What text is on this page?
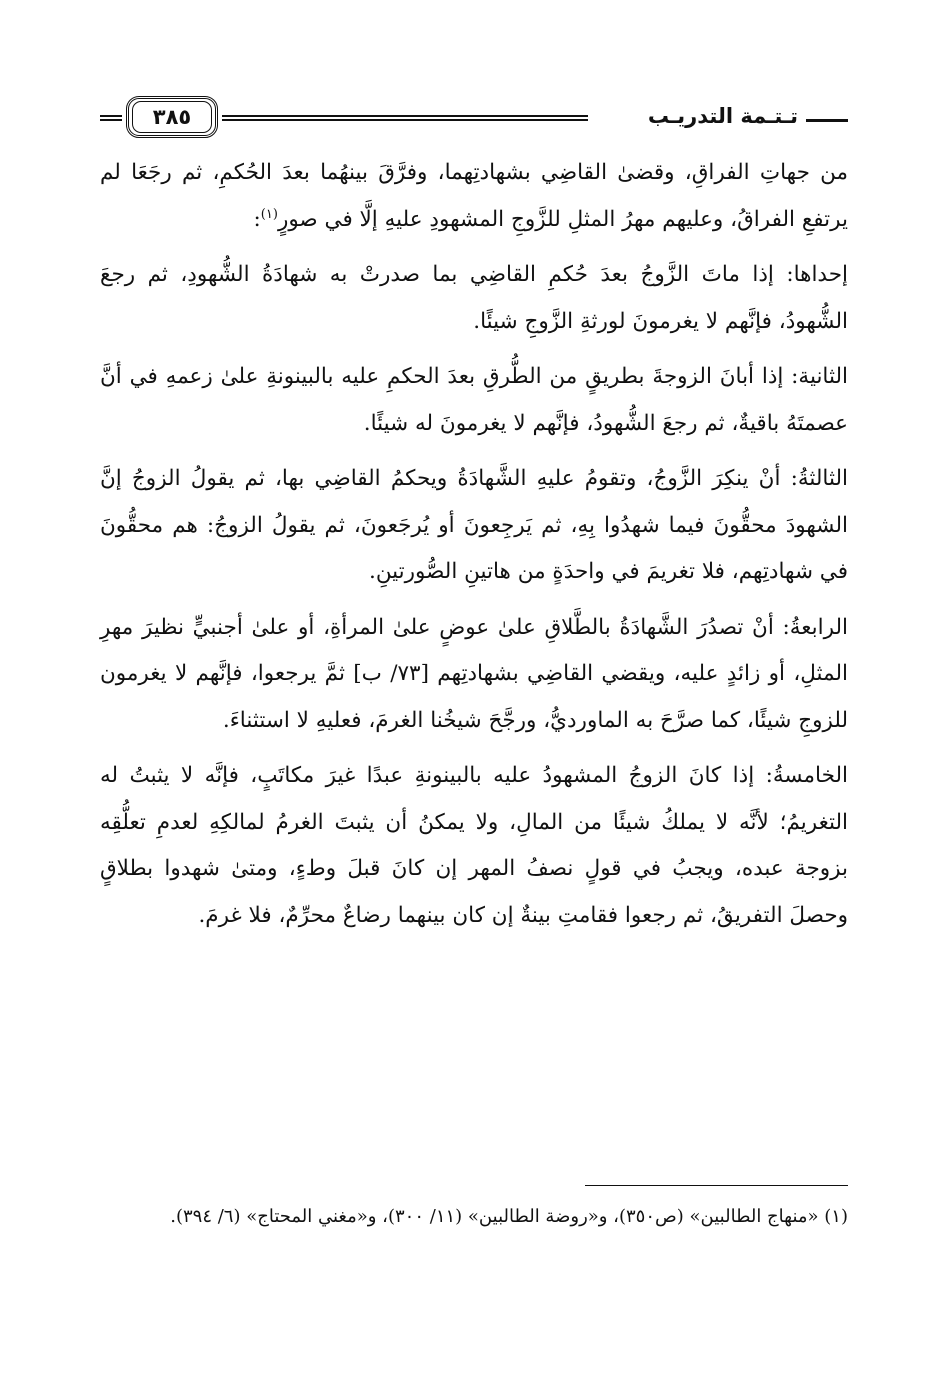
تـتـمة التدريـب
٣٨٥

من جهاتِ الفراقِ، وقضىٰ القاضِي بشهادتِهما، وفرَّقَ بينهُما بعدَ الحُكمِ، ثم رجَعَا لم يرتفعِ الفراقُ، وعليهم مهرُ المثلِ للزَّوجِ المشهودِ عليهِ إلَّا في صورٍ$^{(١)}$:

إحداها: إذا ماتَ الزَّوجُ بعدَ حُكمِ القاضِي بما صدرتْ به شهادَةُ الشُّهودِ، ثم رجعَ الشُّهودُ، فإنَّهم لا يغرمونَ لورثةِ الزَّوجِ شيئًا.

الثانية: إذا أبانَ الزوجةَ بطريقٍ من الطُّرقِ بعدَ الحكمِ عليه بالبينونةِ علىٰ زعمهِ في أنَّ عصمتَهُ باقيةٌ، ثم رجعَ الشُّهودُ، فإنَّهم لا يغرمونَ له شيئًا.

الثالثةُ: أنْ ينكِرَ الزَّوجُ، وتقومُ عليهِ الشَّهادَةُ ويحكمُ القاضِي بها، ثم يقولُ الزوجُ إنَّ الشهودَ محقُّونَ فيما شهدُوا بِهِ، ثم يَرجِعونَ أو يُرجَعونَ، ثم يقولُ الزوجُ: هم محقُّونَ في شهادتِهم، فلا تغريمَ في واحدَةٍ من هاتينِ الصُّورتينِ.

الرابعةُ: أنْ تصدُرَ الشَّهادَةُ بالطَّلاقِ علىٰ عوضٍ علىٰ المرأةِ، أو علىٰ أجنبيٍّ نظيرَ مهرِ المثلِ، أو زائدٍ عليه، ويقضي القاضِي بشهادتِهم [٧٣/ ب] ثمَّ يرجعوا، فإنَّهم لا يغرمون للزوجِ شيئًا، كما صرَّحَ به الماورديُّ، ورجَّحَ شيخُنا الغرمَ، فعليهِ لا استثناءَ.

الخامسةُ: إذا كانَ الزوجُ المشهودُ عليه بالبينونةِ عبدًا غيرَ مكاتَبٍ، فإنَّه لا يثبتُ له التغريمُ؛ لأنَّه لا يملكُ شيئًا من المالِ، ولا يمكنُ أن يثبتَ الغرمُ لمالكِهِ لعدمِ تعلُّقِه بزوجة عبده، ويجبُ في قولٍ نصفُ المهر إن كانَ قبلَ وطءٍ، ومتىٰ شهدوا بطلاقٍ وحصلَ التفريقُ، ثم رجعوا فقامتِ بينةٌ إن كان بينهما رضاعٌ محرِّمٌ، فلا غرمَ.

(١) «منهاج الطالبين» (ص٣٥٠)، و«روضة الطالبين» (١١/ ٣٠٠)، و«مغني المحتاج» (٦/ ٣٩٤).
